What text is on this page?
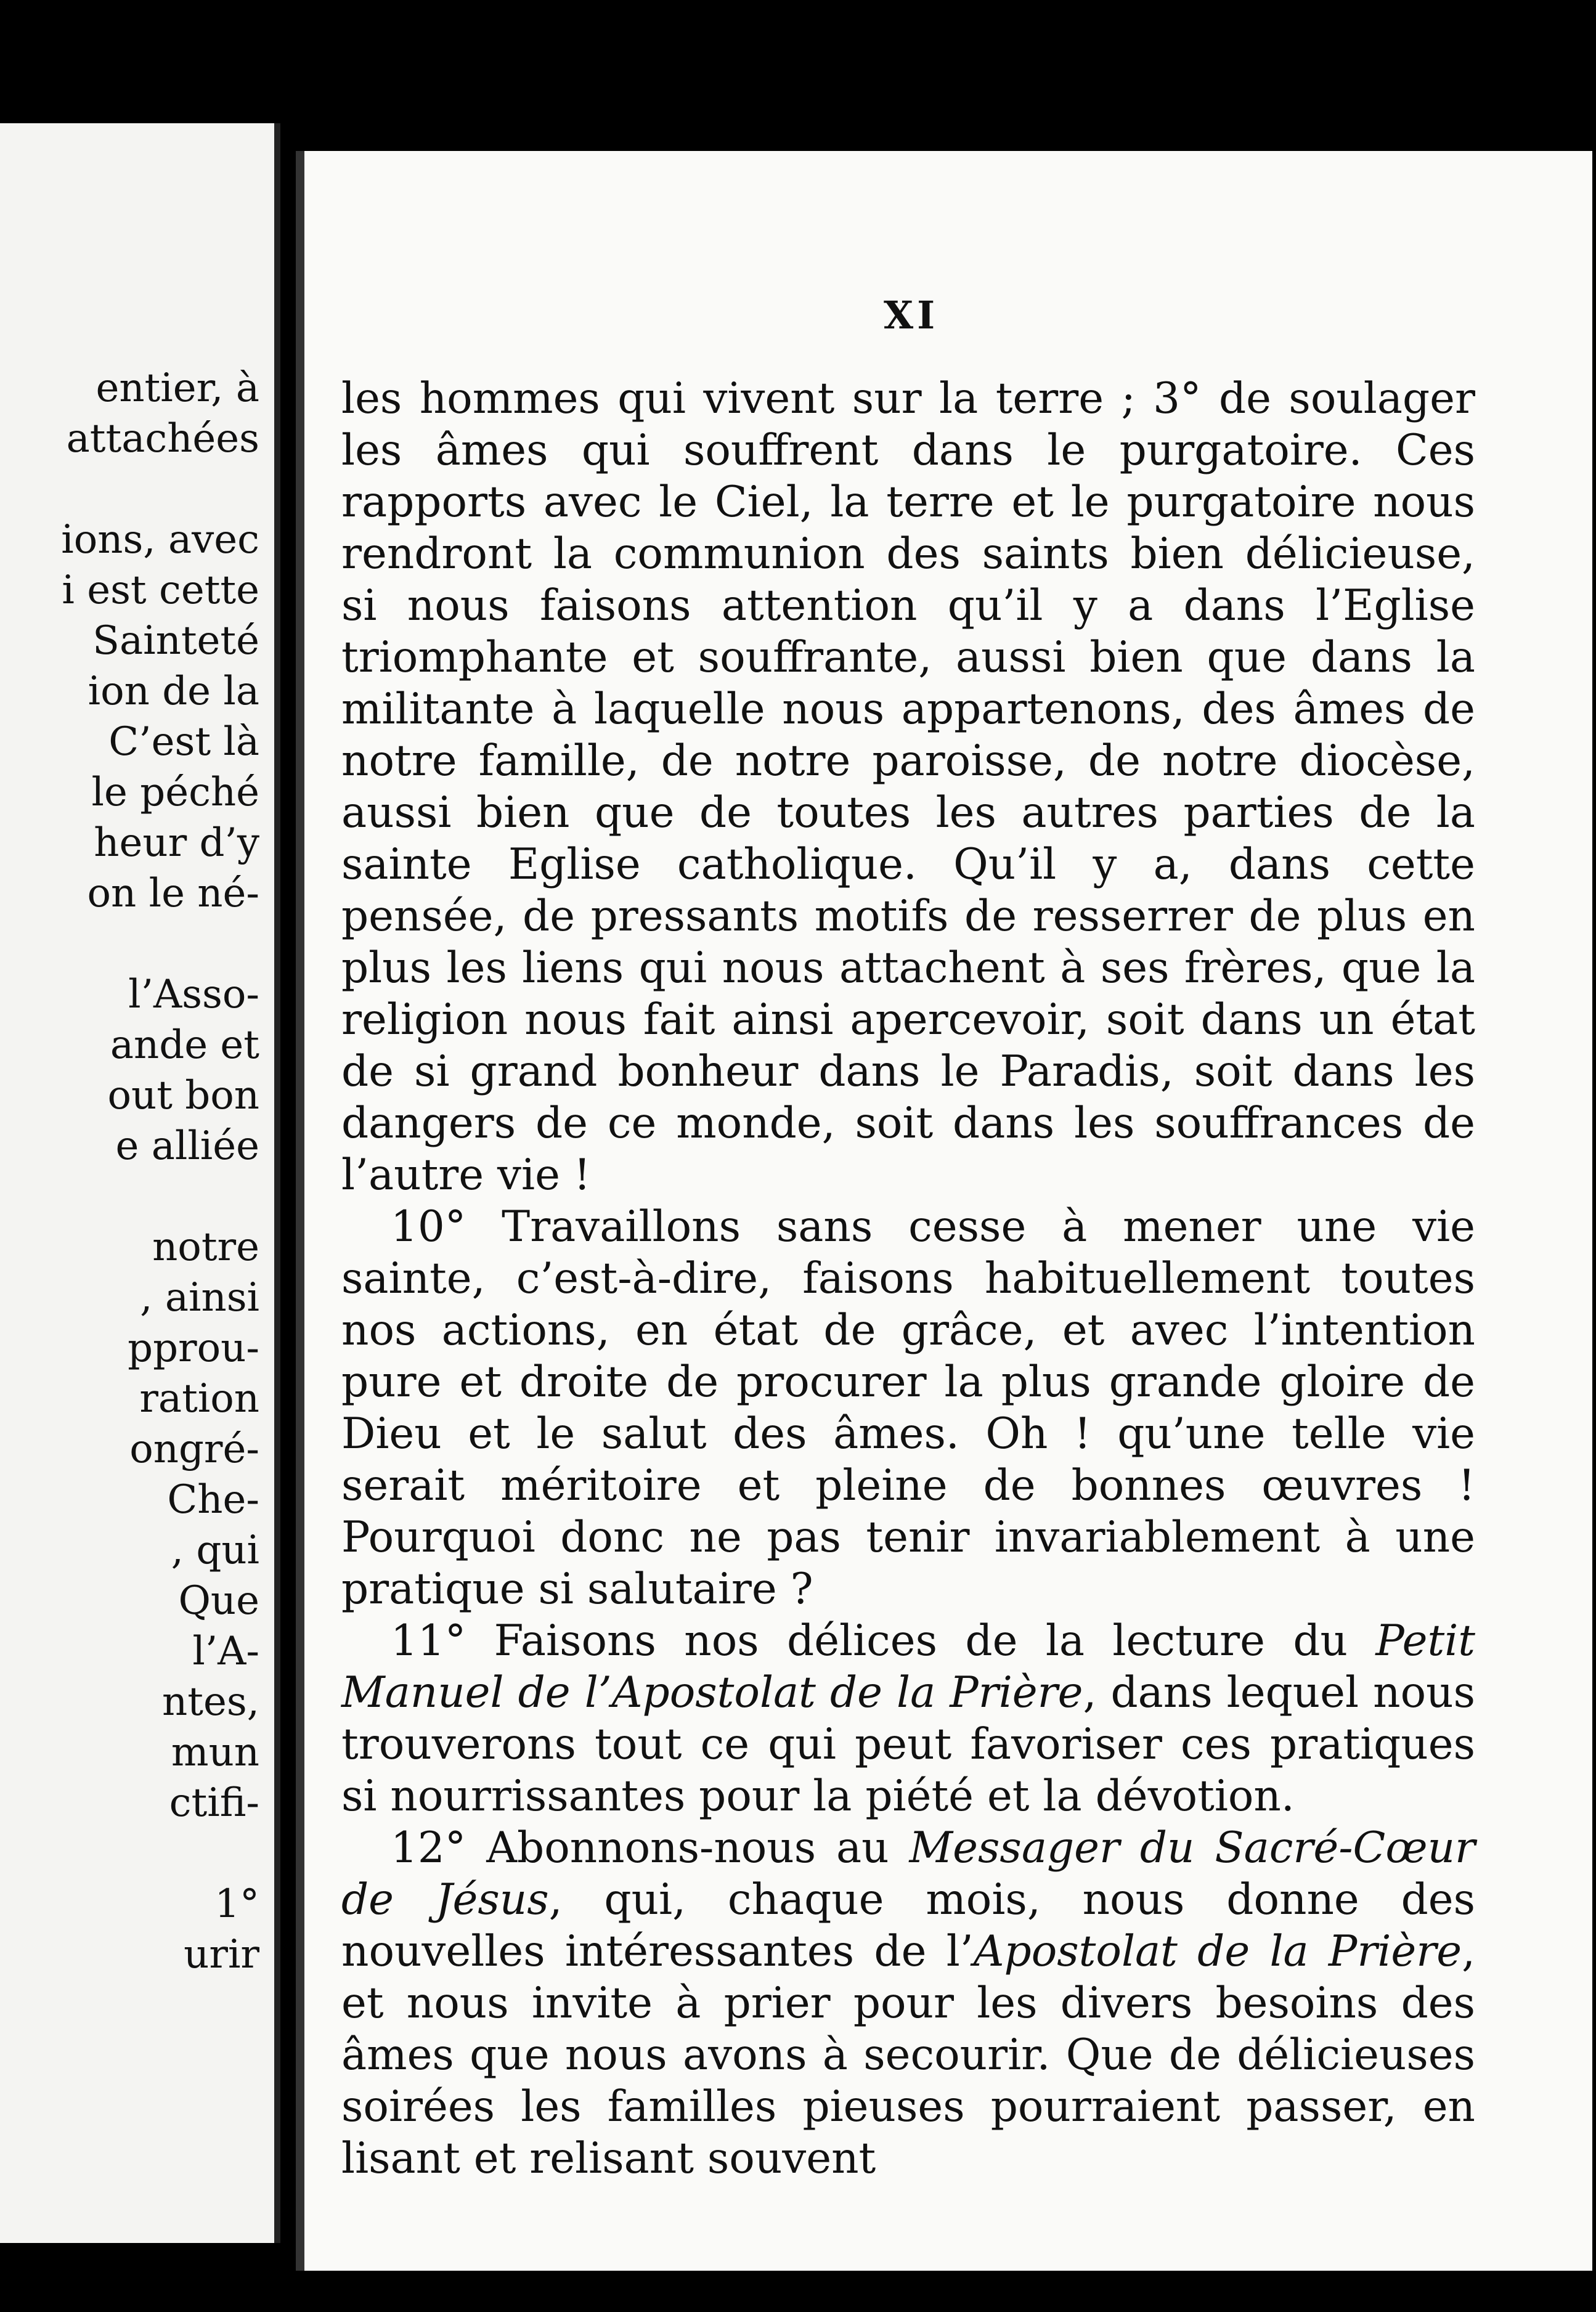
entier, à
attachées
ions, avec
i est cette
Sainteté
ion de la
C’est là
le péché
heur d’y
on le né-
l’Asso-
ande et
out bon
e alliée
notre
, ainsi
pprou-
ration
ongré-
Che-
, qui
Que
l’A-
ntes,
mun
ctifi-
1°
urir
XI

les hommes qui vivent sur la terre ; 3° de soulager les âmes qui souffrent dans le purgatoire. Ces rapports avec le Ciel, la terre et le purgatoire nous rendront la communion des saints bien délicieuse, si nous faisons attention qu’il y a dans l’Eglise triomphante et souffrante, aussi bien que dans la militante à laquelle nous appartenons, des âmes de notre famille, de notre paroisse, de notre diocèse, aussi bien que de toutes les autres parties de la sainte Eglise catholique. Qu’il y a, dans cette pensée, de pressants motifs de resserrer de plus en plus les liens qui nous attachent à ses frères, que la religion nous fait ainsi apercevoir, soit dans un état de si grand bonheur dans le Paradis, soit dans les dangers de ce monde, soit dans les souffrances de l’autre vie !

10° Travaillons sans cesse à mener une vie sainte, c’est-à-dire, faisons habituellement toutes nos actions, en état de grâce, et avec l’intention pure et droite de procurer la plus grande gloire de Dieu et le salut des âmes. Oh ! qu’une telle vie serait méritoire et pleine de bonnes œuvres ! Pourquoi donc ne pas tenir invariablement à une pratique si salutaire ?

11° Faisons nos délices de la lecture du Petit Manuel de l’Apostolat de la Prière, dans lequel nous trouverons tout ce qui peut favoriser ces pratiques si nourrissantes pour la piété et la dévotion.

12° Abonnons-nous au Messager du Sacré-Cœur de Jésus, qui, chaque mois, nous donne des nouvelles intéressantes de l’Apostolat de la Prière, et nous invite à prier pour les divers besoins des âmes que nous avons à secourir. Que de délicieuses soirées les familles pieuses pourraient passer, en lisant et relisant souvent
